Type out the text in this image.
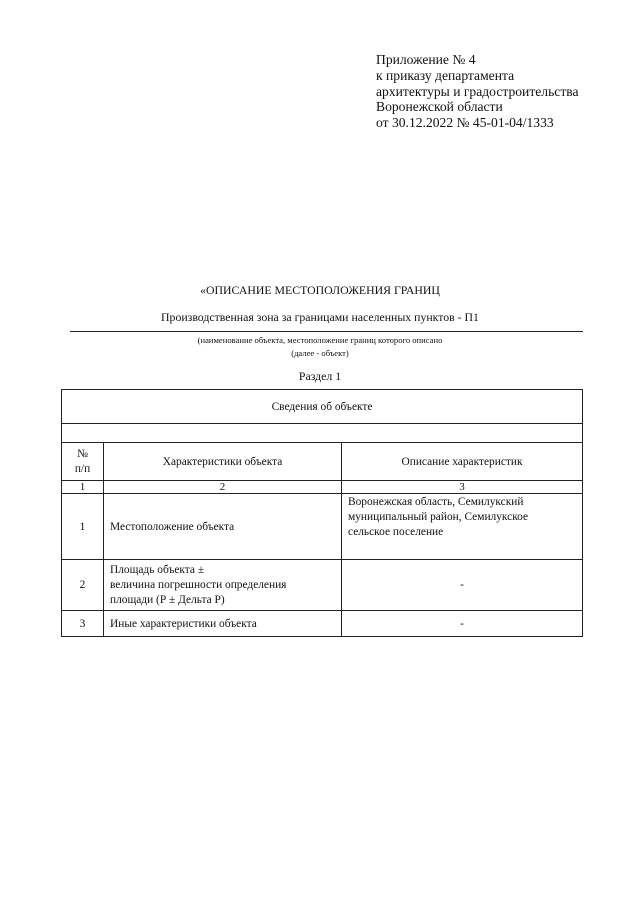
Приложение № 4
к приказу департамента
архитектуры и градостроительства
Воронежской области
от 30.12.2022 № 45-01-04/1333
«ОПИСАНИЕ МЕСТОПОЛОЖЕНИЯ ГРАНИЦ
Производственная зона за границами населенных пунктов - П1
(наименование объекта, местоположение границ которого описано
(далее - объект)
Раздел 1
Сведения об объекте		

№
п/п	Характеристики объекта	Описание характеристик
1	2	3
1	Местоположение объекта	Воронежская область, Семилукский
муниципальный район, Семилукское
сельское поселение

2	Площадь объекта ±
величина погрешности определения
площади (Р ± Дельта Р)	-
3	Иные характеристики объекта	-
